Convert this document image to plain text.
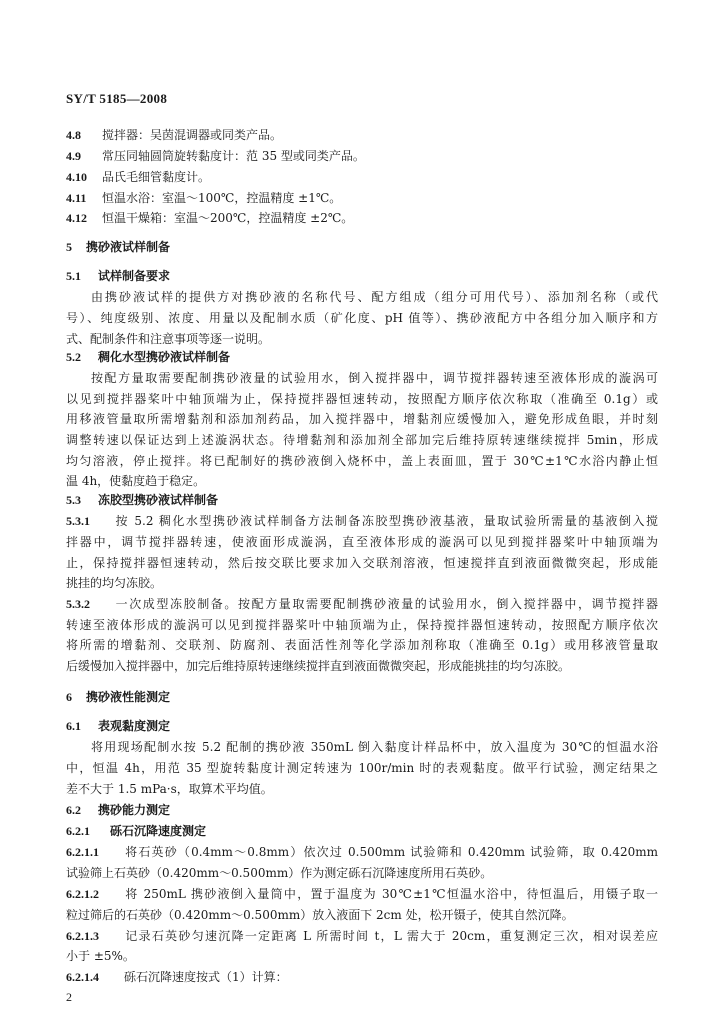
SY/T 5185—2008
4.8 搅拌器：吴茵混调器或同类产品。
4.9 常压同轴圆筒旋转黏度计：范 35 型或同类产品。
4.10 品氏毛细管黏度计。
4.11 恒温水浴：室温～100℃，控温精度 ±1℃。
4.12 恒温干燥箱：室温～200℃，控温精度 ±2℃。
5 携砂液试样制备
5.1 试样制备要求
由携砂液试样的提供方对携砂液的名称代号、配方组成（组分可用代号）、添加剂名称（或代
号）、纯度级别、浓度、用量以及配制水质（矿化度、pH 值等）、携砂液配方中各组分加入顺序和方
式、配制条件和注意事项等逐一说明。
5.2 稠化水型携砂液试样制备
按配方量取需要配制携砂液量的试验用水，倒入搅拌器中，调节搅拌器转速至液体形成的漩涡可
以见到搅拌器桨叶中轴顶端为止，保持搅拌器恒速转动，按照配方顺序依次称取（准确至 0.1g）或
用移液管量取所需增黏剂和添加剂药品，加入搅拌器中，增黏剂应缓慢加入，避免形成鱼眼，并时刻
调整转速以保证达到上述漩涡状态。待增黏剂和添加剂全部加完后维持原转速继续搅拌 5min，形成
均匀溶液，停止搅拌。将已配制好的携砂液倒入烧杯中，盖上表面皿，置于 30℃±1℃水浴内静止恒
温 4h，使黏度趋于稳定。
5.3 冻胶型携砂液试样制备
5.3.1 按 5.2 稠化水型携砂液试样制备方法制备冻胶型携砂液基液，量取试验所需量的基液倒入搅
拌器中，调节搅拌器转速，使液面形成漩涡，直至液体形成的漩涡可以见到搅拌器桨叶中轴顶端为
止，保持搅拌器恒速转动，然后按交联比要求加入交联剂溶液，恒速搅拌直到液面微微突起，形成能
挑挂的均匀冻胶。
5.3.2 一次成型冻胶制备。按配方量取需要配制携砂液量的试验用水，倒入搅拌器中，调节搅拌器
转速至液体形成的漩涡可以见到搅拌器桨叶中轴顶端为止，保持搅拌器恒速转动，按照配方顺序依次
将所需的增黏剂、交联剂、防腐剂、表面活性剂等化学添加剂称取（准确至 0.1g）或用移液管量取
后缓慢加入搅拌器中，加完后维持原转速继续搅拌直到液面微微突起，形成能挑挂的均匀冻胶。
6 携砂液性能测定
6.1 表观黏度测定
将用现场配制水按 5.2 配制的携砂液 350mL 倒入黏度计样品杯中，放入温度为 30℃的恒温水浴
中，恒温 4h，用范 35 型旋转黏度计测定转速为 100r/min 时的表观黏度。做平行试验，测定结果之
差不大于 1.5 mPa·s，取算术平均值。
6.2 携砂能力测定
6.2.1 砾石沉降速度测定
6.2.1.1 将石英砂（0.4mm～0.8mm）依次过 0.500mm 试验筛和 0.420mm 试验筛，取 0.420mm
试验筛上石英砂（0.420mm～0.500mm）作为测定砾石沉降速度所用石英砂。
6.2.1.2 将 250mL 携砂液倒入量筒中，置于温度为 30℃±1℃恒温水浴中，待恒温后，用镊子取一
粒过筛后的石英砂（0.420mm～0.500mm）放入液面下 2cm 处，松开镊子，使其自然沉降。
6.2.1.3 记录石英砂匀速沉降一定距离 L 所需时间 t，L 需大于 20cm，重复测定三次，相对误差应
小于 ±5%。
6.2.1.4 砾石沉降速度按式（1）计算：
2
